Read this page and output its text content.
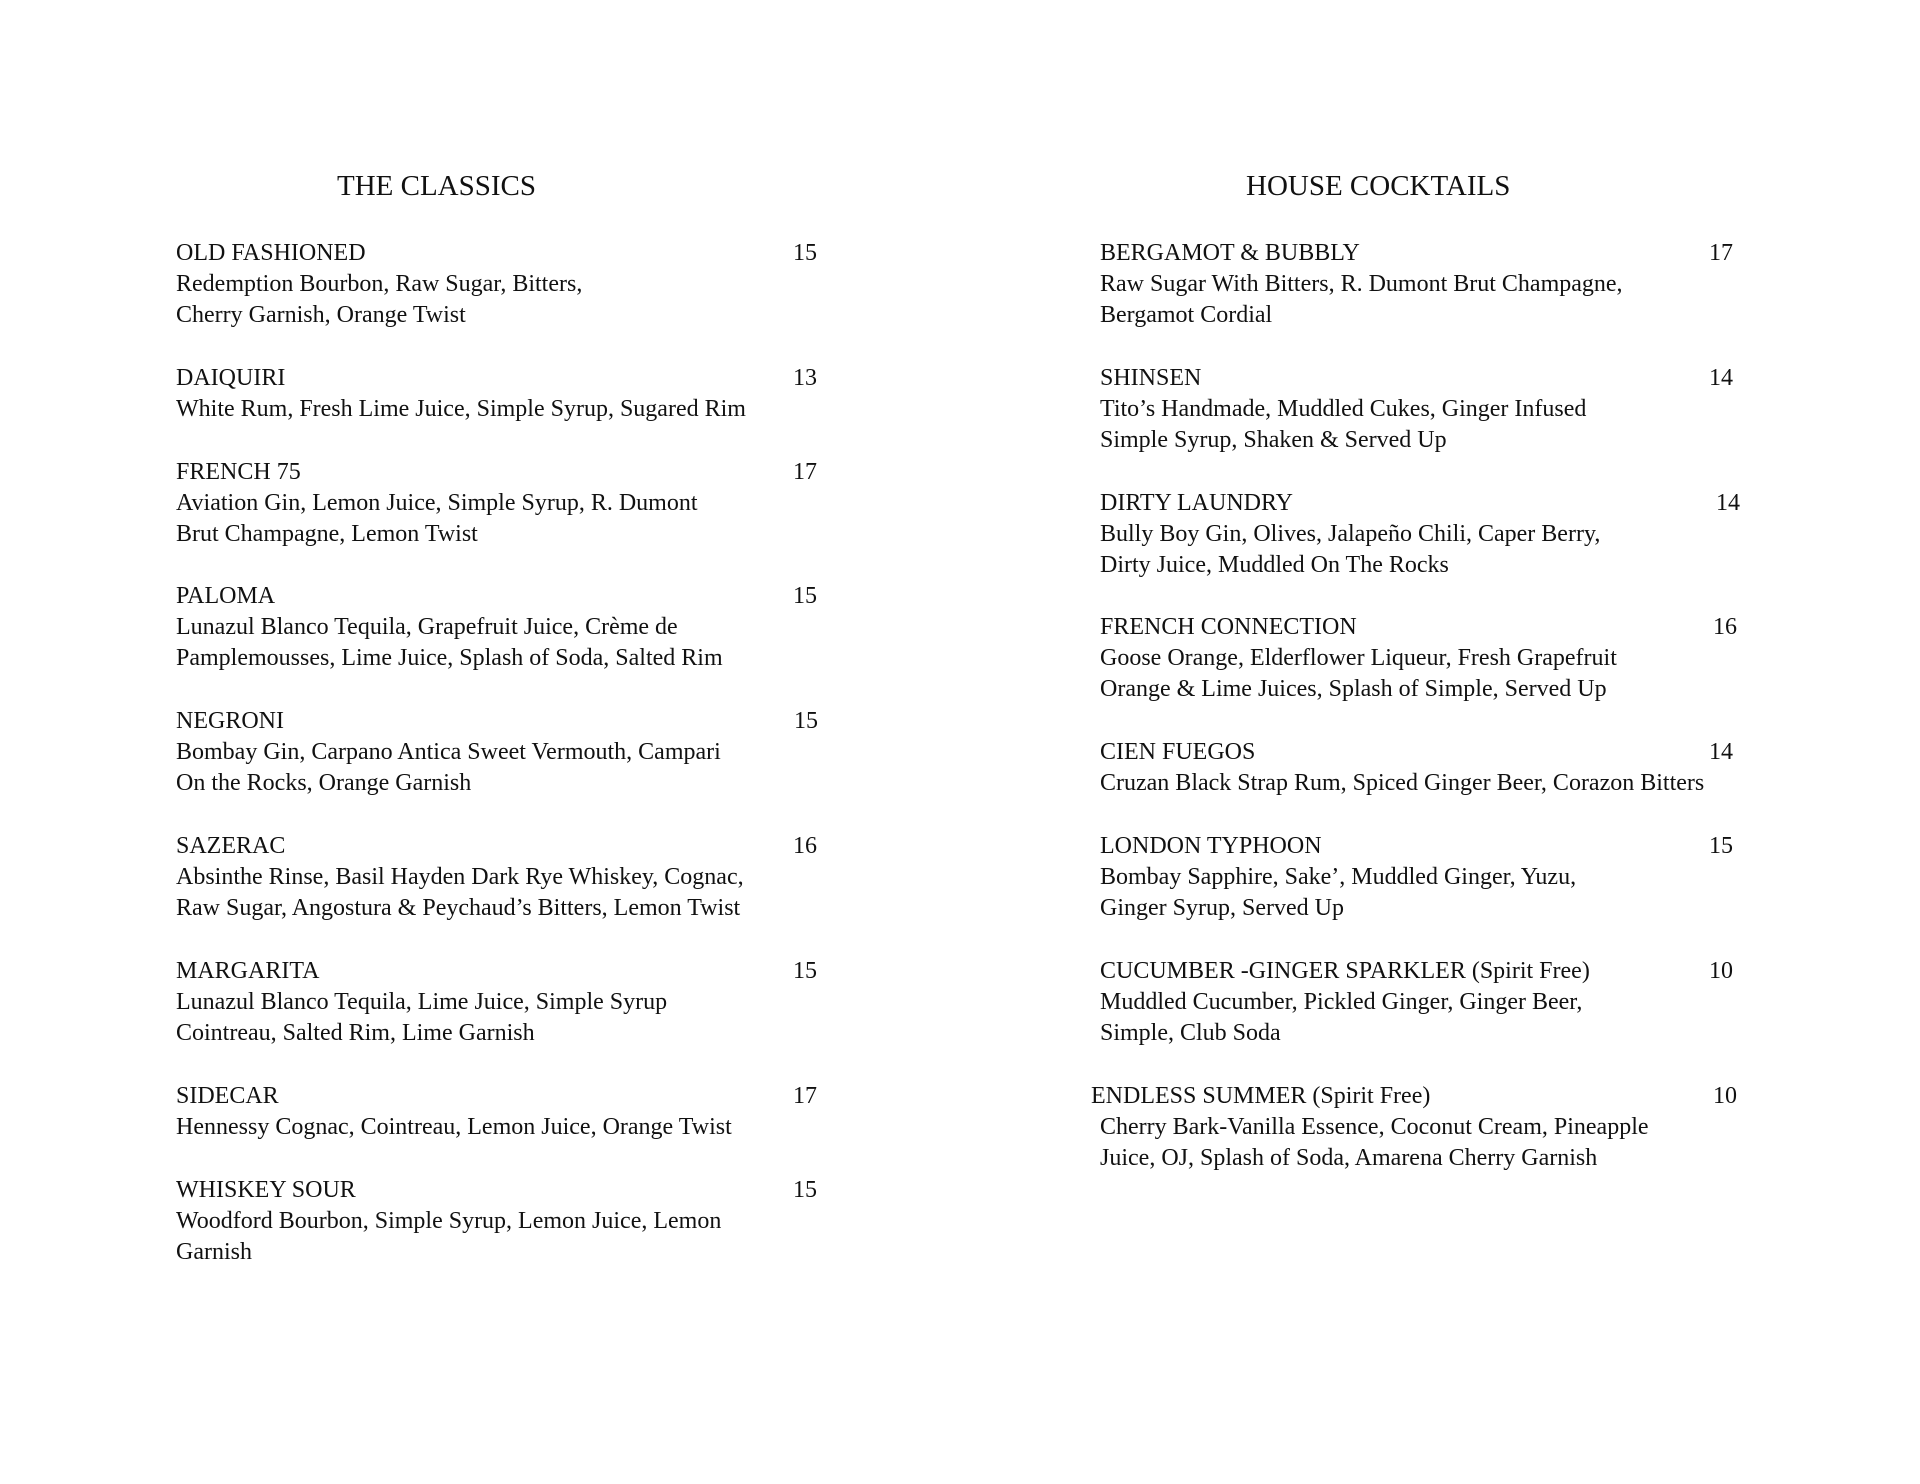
THE CLASSICS
OLD FASHIONED	15
Redemption Bourbon, Raw Sugar, Bitters,
Cherry Garnish, Orange Twist
DAIQUIRI	13
White Rum, Fresh Lime Juice, Simple Syrup, Sugared Rim
FRENCH 75	17
Aviation Gin, Lemon Juice, Simple Syrup, R. Dumont
Brut Champagne, Lemon Twist
PALOMA	15
Lunazul Blanco Tequila, Grapefruit Juice, Crème de
Pamplemousses, Lime Juice, Splash of Soda, Salted Rim
NEGRONI	15
Bombay Gin, Carpano Antica Sweet Vermouth, Campari
On the Rocks, Orange Garnish
SAZERAC	16
Absinthe Rinse, Basil Hayden Dark Rye Whiskey, Cognac,
Raw Sugar, Angostura & Peychaud’s Bitters, Lemon Twist
MARGARITA	15
Lunazul Blanco Tequila, Lime Juice, Simple Syrup
Cointreau, Salted Rim, Lime Garnish
SIDECAR	17
Hennessy Cognac, Cointreau, Lemon Juice, Orange Twist
WHISKEY SOUR	15
Woodford Bourbon, Simple Syrup, Lemon Juice, Lemon
Garnish
HOUSE COCKTAILS
BERGAMOT & BUBBLY	17
Raw Sugar With Bitters, R. Dumont Brut Champagne,
Bergamot Cordial
SHINSEN	14
Tito’s Handmade, Muddled Cukes, Ginger Infused
Simple Syrup, Shaken & Served Up
DIRTY LAUNDRY	14
Bully Boy Gin, Olives, Jalapeño Chili, Caper Berry,
Dirty Juice, Muddled On The Rocks
FRENCH CONNECTION	16
Goose Orange, Elderflower Liqueur, Fresh Grapefruit
Orange & Lime Juices, Splash of Simple, Served Up
CIEN FUEGOS	14
Cruzan Black Strap Rum, Spiced Ginger Beer, Corazon Bitters
LONDON TYPHOON	15
Bombay Sapphire, Sake’, Muddled Ginger, Yuzu,
Ginger Syrup, Served Up
CUCUMBER -GINGER SPARKLER (Spirit Free)	10
Muddled Cucumber, Pickled Ginger, Ginger Beer,
Simple, Club Soda
ENDLESS SUMMER (Spirit Free)	10
Cherry Bark-Vanilla Essence, Coconut Cream, Pineapple
Juice, OJ, Splash of Soda, Amarena Cherry Garnish
